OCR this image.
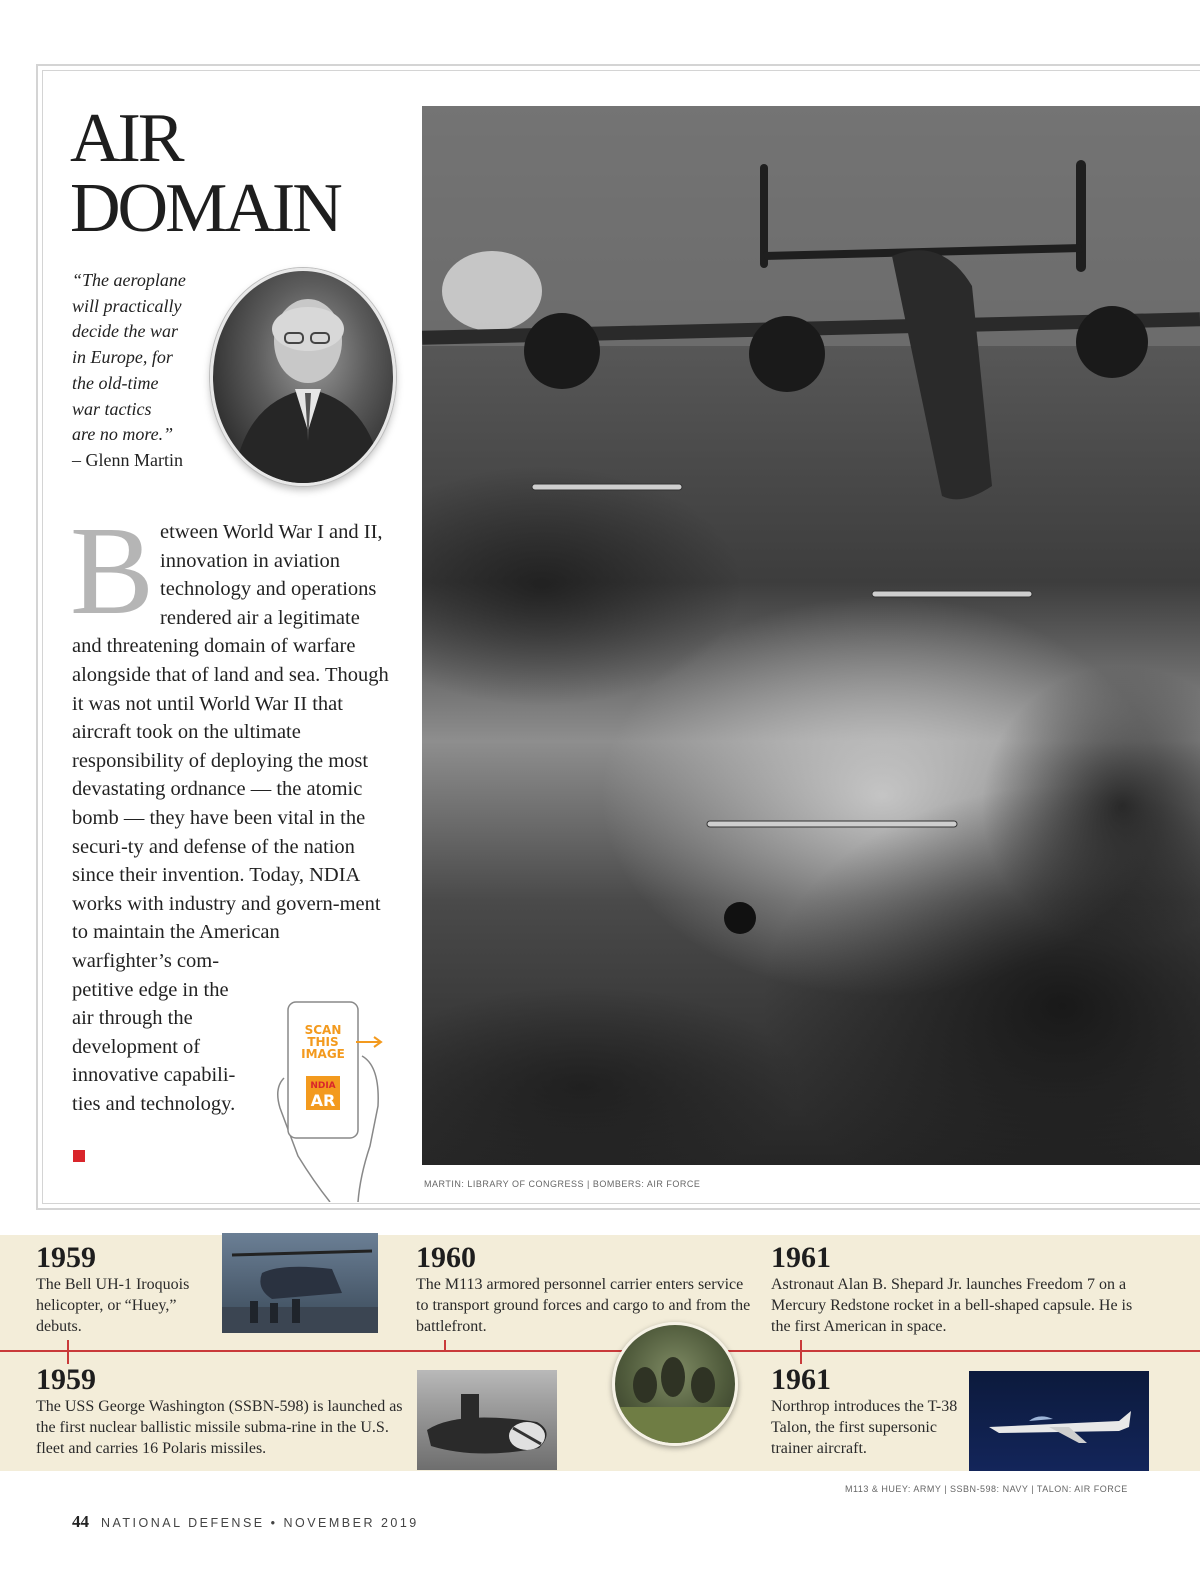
AIR
DOMAIN
“The aeroplane
will practically
decide the war
in Europe, for
the old-time
war tactics
are no more.”
– Glenn Martin
B etween World War I and II, innovation in aviation technology and operations rendered air a legitimate and threatening domain of warfare alongside that of land and sea. Though it was not until World War II that aircraft took on the ultimate responsibility of deploying the most devastating ordnance — the atomic bomb — they have been vital in the securi-ty and defense of the nation since their invention. Today, NDIA works with industry and govern-ment to maintain the American

warfighter’s com-petitive edge in the air through the development of innovative capabili-ties and technology.

SCAN
THIS
IMAGE
NDIA
AR
MARTIN: LIBRARY OF CONGRESS | BOMBERS: AIR FORCE
1959
The Bell UH-1 Iroquois helicopter, or “Huey,” debuts.
1960
The M113 armored personnel carrier enters service to transport ground forces and cargo to and from the battlefront.
1961
Astronaut Alan B. Shepard Jr. launches Freedom 7 on a Mercury Redstone rocket in a bell-shaped capsule. He is the first American in space.
1959
The USS George Washington (SSBN-598) is launched as the first nuclear ballistic missile subma-rine in the U.S. fleet and carries 16 Polaris missiles.
1961
Northrop introduces the T-38 Talon, the first supersonic trainer aircraft.
M113 & HUEY: ARMY | SSBN-598: NAVY | TALON: AIR FORCE
44 NATIONAL DEFENSE • NOVEMBER 2019
